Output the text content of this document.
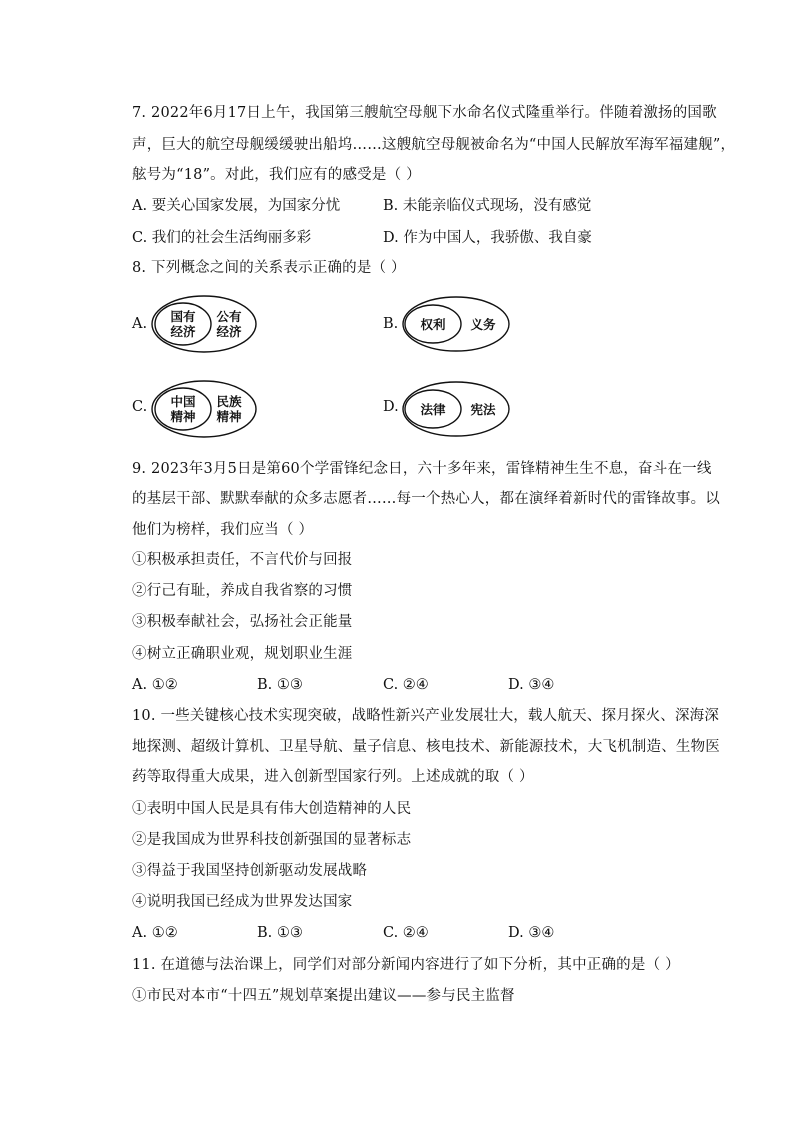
7. 2022年6月17日上午，我国第三艘航空母舰下水命名仪式隆重举行。伴随着激扬的国歌
声，巨大的航空母舰缓缓驶出船坞……这艘航空母舰被命名为“中国人民解放军海军福建舰”，
舷号为“18”。对此，我们应有的感受是（ ）
A. 要关心国家发展，为国家分忧	B. 未能亲临仪式现场，没有感觉
C. 我们的社会生活绚丽多彩	D. 作为中国人，我骄傲、我自豪
8. 下列概念之间的关系表示正确的是（ ）
A. 国有
经济
公有
经济	B. 权利 义务
C. 中国
精神
民族
精神
D. 法律 宪法
9. 2023年3月5日是第60个学雷锋纪念日，六十多年来，雷锋精神生生不息，奋斗在一线
的基层干部、默默奉献的众多志愿者……每一个热心人，都在演绎着新时代的雷锋故事。以
他们为榜样，我们应当（ ）
①积极承担责任，不言代价与回报
②行己有耻，养成自我省察的习惯
③积极奉献社会，弘扬社会正能量
④树立正确职业观，规划职业生涯
A. ①②	B. ①③	C. ②④	D. ③④
10. 一些关键核心技术实现突破，战略性新兴产业发展壮大，载人航天、探月探火、深海深
地探测、超级计算机、卫星导航、量子信息、核电技术、新能源技术，大飞机制造、生物医
药等取得重大成果，进入创新型国家行列。上述成就的取（ ）
①表明中国人民是具有伟大创造精神的人民
②是我国成为世界科技创新强国的显著标志
③得益于我国坚持创新驱动发展战略
④说明我国已经成为世界发达国家
A. ①②	B. ①③	C. ②④	D. ③④
11. 在道德与法治课上，同学们对部分新闻内容进行了如下分析，其中正确的是（ ）
①市民对本市“十四五”规划草案提出建议——参与民主监督
